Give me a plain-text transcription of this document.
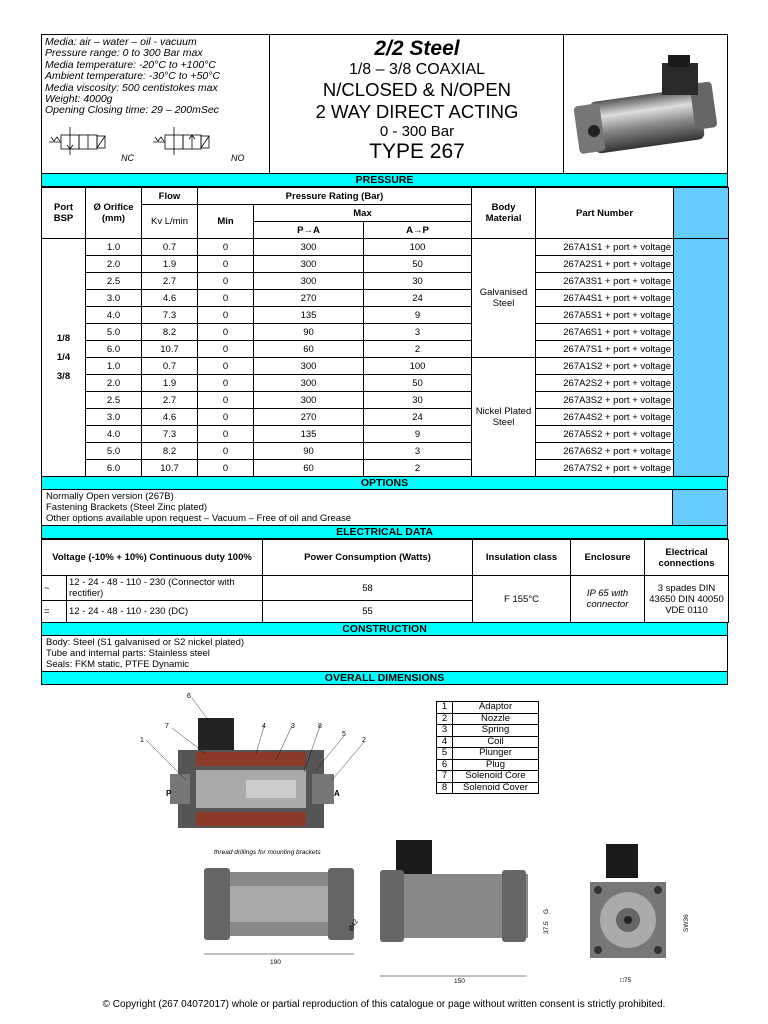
Media: air – water – oil - vacuum
Pressure range: 0 to 300 Bar max
Media temperature: -20°C to +100°C
Ambient temperature: -30°C to +50°C
Media viscosity: 500 centistokes max
Weight: 4000g
Opening Closing time: 29 – 200mSec
NC	NO
2/2 Steel
1/8 – 3/8 COAXIAL
N/CLOSED & N/OPEN
2 WAY DIRECT ACTING
0 - 300 Bar
TYPE 267
PRESSURE
Port BSP	Ø Orifice (mm)	Flow	Pressure Rating (Bar)			Body Material	Part Number	
		Kv L/min	Min	Max				
				P→A	A→P			

1/8
1/4
3/8	1.0	0.7	0	300	100	Galvanised Steel	267A1S1 + port + voltage	
	2.0	1.9	0	300	50		267A2S1 + port + voltage	
	2.5	2.7	0	300	30		267A3S1 + port + voltage	
	3.0	4.6	0	270	24		267A4S1 + port + voltage	
	4.0	7.3	0	135	9		267A5S1 + port + voltage	
	5.0	8.2	0	90	3		267A6S1 + port + voltage	
	6.0	10.7	0	60	2		267A7S1 + port + voltage	
	1.0	0.7	0	300	100	Nickel Plated Steel	267A1S2 + port + voltage	
	2.0	1.9	0	300	50		267A2S2 + port + voltage	
	2.5	2.7	0	300	30		267A3S2 + port + voltage	
	3.0	4.6	0	270	24		267A4S2 + port + voltage	
	4.0	7.3	0	135	9		267A5S2 + port + voltage	
	5.0	8.2	0	90	3		267A6S2 + port + voltage	
	6.0	10.7	0	60	2		267A7S2 + port + voltage	
OPTIONS
Normally Open version (267B)
Fastening Brackets (Steel Zinc plated)
Other options available upon request – Vacuum – Free of oil and Grease
ELECTRICAL DATA
Voltage (-10% + 10%) Continuous duty 100%		Power Consumption (Watts)	Insulation class	Enclosure	Electrical connections
~	12 - 24 - 48 - 110 - 230 (Connector with rectifier)	58	F 155°C	IP 65 with connector	3 spades DIN 43650 DIN 40050 VDE 0110
=	12 - 24 - 48 - 110 - 230 (DC)	55			
CONSTRUCTION
Body: Steel (S1 galvanised or S2 nickel plated)
Tube and internal parts: Stainless steel
Seals: FKM static, PTFE Dynamic
OVERALL DIMENSIONS
1	2
3
4
5
6
7	8
P	A
1	Adaptor
2	Nozzle
3	Spring
4	Coil
5	Plunger
6	Plug
7	Solenoid Core
8	Solenoid Cover
thread drillings for mounting brackets
190
Ø42
150
37.5
G
□75
SW36
© Copyright (267 04072017) whole or partial reproduction of this catalogue or page without written consent is strictly prohibited.
